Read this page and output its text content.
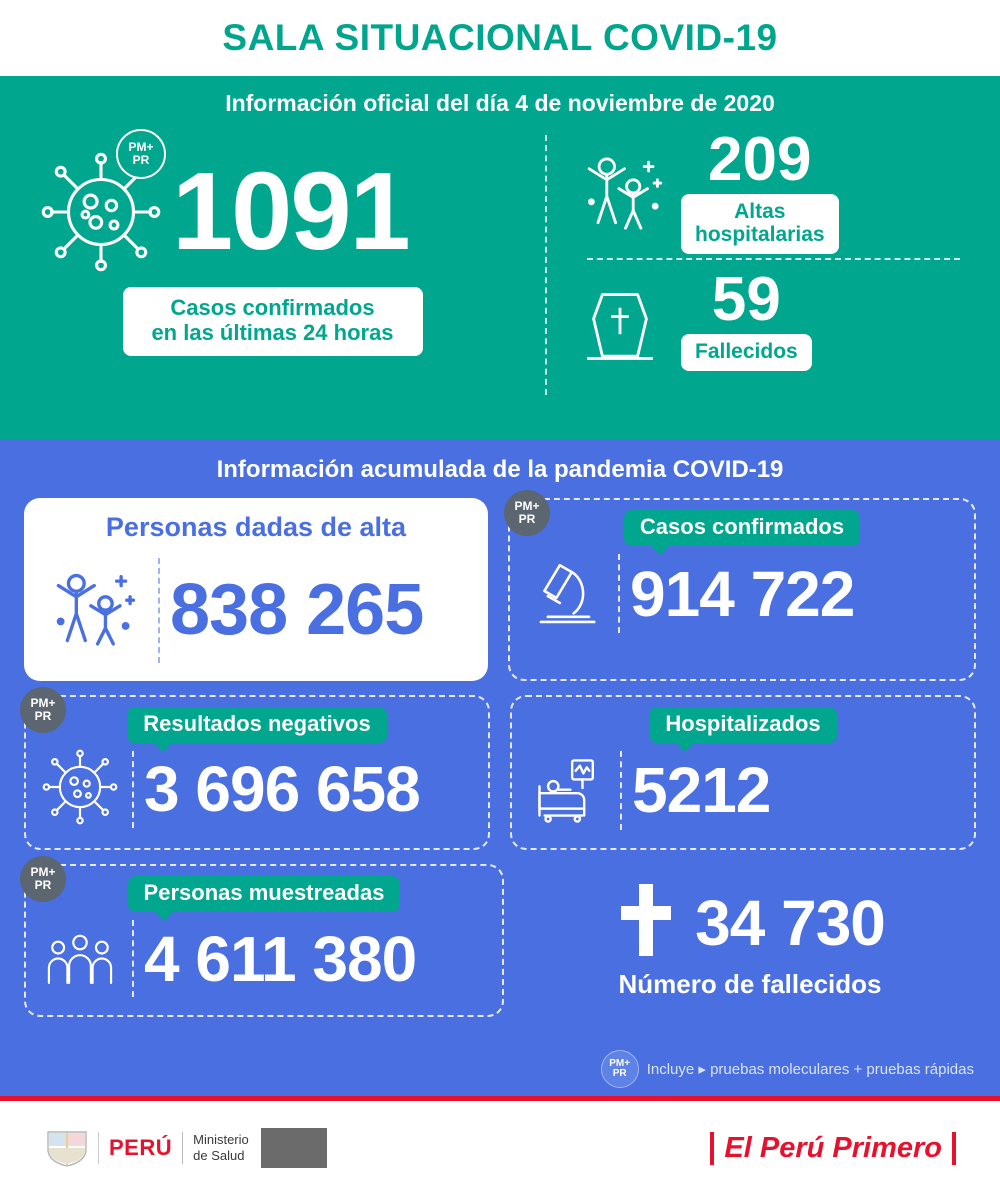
SALA SITUACIONAL COVID-19
Información oficial del día 4 de noviembre de 2020
PM+
PR 1091
Casos confirmados
en las últimas 24 horas
209
Altas
hospitalarias
59
Fallecidos
Información acumulada de la pandemia COVID-19
Personas dadas de alta
838 265
PM+
PR	Casos confirmados
914 722
PM+
PR	Resultados negativos
3 696 658
Hospitalizados
5212
PM+
PR	Personas muestreadas
4 611 380	34 730
Número de fallecidos
PM+
PR Incluye ▸ pruebas moleculares + pruebas rápidas
PERÚ Ministerio
de Salud	El Perú Primero
